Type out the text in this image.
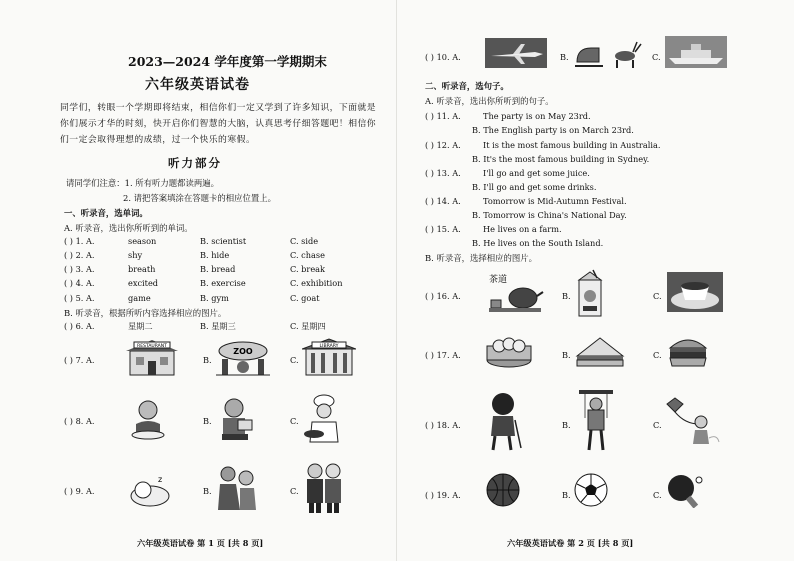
2023—2024 学年度第一学期期末
六年级英语试卷
同学们，转眼一个学期即将结束，相信你们一定又学到了许多知识，下面就是你们展示才华的时刻，快开启你们智慧的大脑，认真思考仔细答题吧！相信你们一定会取得理想的成绩，过一个快乐的寒假。
听力部分
请同学们注意：1. 所有听力题都读两遍。
2. 请把答案填涂在答题卡的相应位置上。
一、听录音，选单词。
A. 听录音，选出你所听到的单词。
( ) 1. A.	season	B. scientist	C. side
( ) 2. A.	shy	B. hide	C. chase
( ) 3. A.	breath	B. bread	C. break
( ) 4. A.	excited	B. exercise	C. exhibition
( ) 5. A.	game	B. gym	C. goat
B. 听录音，根据所听内容选择相应的图片。
( ) 6. A.	星期二	B. 星期三	C. 星期四
( ) 7. A.
RESTAURANT
B.
ZOO
C.
LIBRARY
( ) 8. A.	B.	C.
( ) 9. A.
z
B.	C.
六年级英语试卷 第 1 页 [共 8 页]
( ) 10. A.	B.	C.
二、听录音，选句子。
A. 听录音，选出你所听到的句子。
( ) 11. A.	The party is on May 23rd.
B. The English party is on March 23rd.
( ) 12. A.	It is the most famous building in Australia.
B. It's the most famous building in Sydney.
( ) 13. A.	I'll go and get some juice.
B. I'll go and get some drinks.
( ) 14. A.	Tomorrow is Mid-Autumn Festival.
B. Tomorrow is China's National Day.
( ) 15. A.	He lives on a farm.
B. He lives on the South Island.
B. 听录音，选择相应的图片。
( ) 16. A.
茶道
B.	C.
( ) 17. A.	B.	C.
( ) 18. A.	B.	C.
( ) 19. A.	B.	C.
六年级英语试卷 第 2 页 [共 8 页]
